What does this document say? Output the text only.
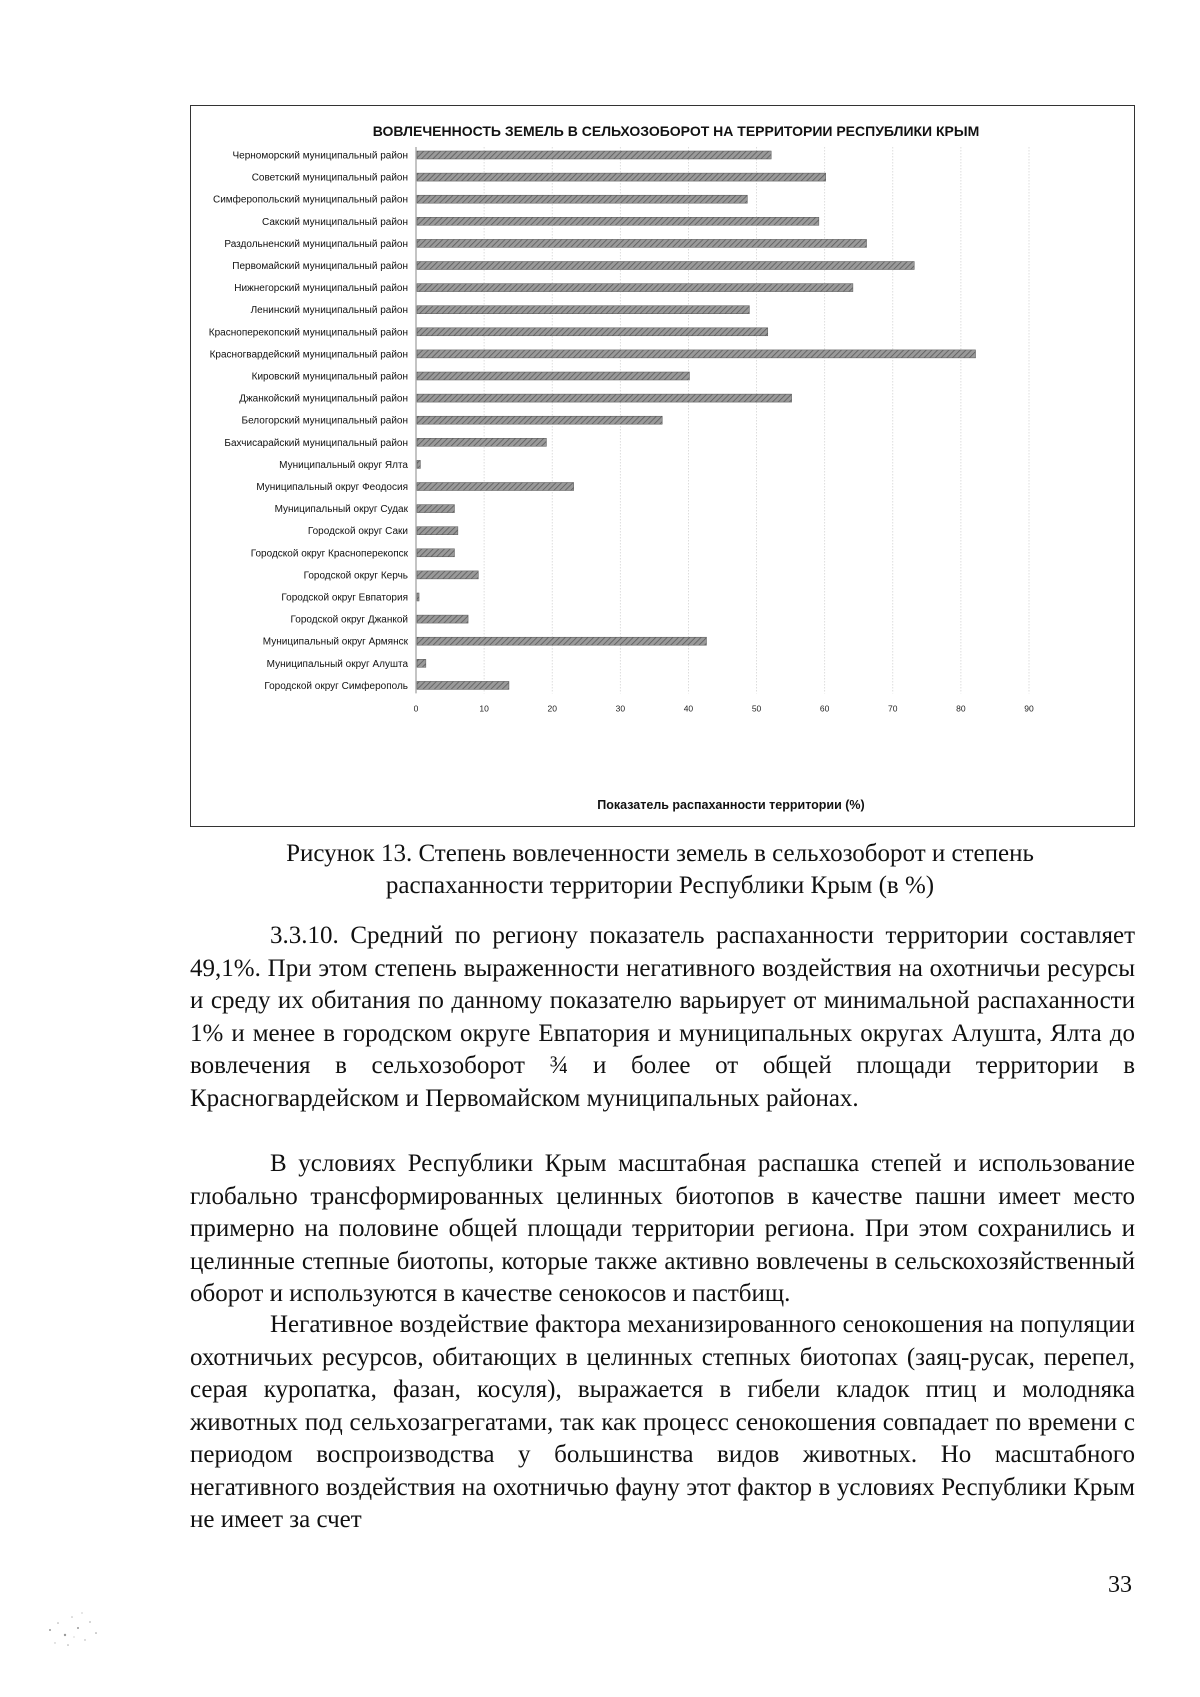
ВОВЛЕЧЕННОСТЬ ЗЕМЕЛЬ В СЕЛЬХОЗОБОРОТ НА ТЕРРИТОРИИ РЕСПУБЛИКИ КРЫМ
Черноморский муниципальный район
Советский муниципальный район
Симферопольский муниципальный район
Сакский муниципальный район
Раздольненский муниципальный район
Первомайский муниципальный район
Нижнегорский муниципальный район
Ленинский муниципальный район
Красноперекопский муниципальный район
Красногвардейский муниципальный район
Кировский муниципальный район
Джанкойский муниципальный район
Белогорский муниципальный район
Бахчисарайский муниципальный район
Муниципальный округ Ялта
Муниципальный округ Феодосия
Муниципальный округ Судак
Городской округ Саки
Городской округ Красноперекопск
Городской округ Керчь
Городской округ Евпатория
Городской округ Джанкой
Муниципальный округ Армянск
Муниципальный округ Алушта
Городской округ Симферополь
0	10	20	30	40	50	60	70	80	90
Показатель распаханности территории (%)
Рисунок 13. Степень вовлеченности земель в сельхозоборот и степень распаханности территории Республики Крым (в %)

3.3.10. Средний по региону показатель распаханности территории составляет 49,1%. При этом степень выраженности негативного воздействия на охотничьи ресурсы и среду их обитания по данному показателю варьирует от минимальной распаханности 1% и менее в городском округе Евпатория и муниципальных округах Алушта, Ялта до вовлечения в сельхозоборот ¾ и более от общей площади территории в Красногвардейском и Первомайском муниципальных районах.

В условиях Республики Крым масштабная распашка степей и использование глобально трансформированных целинных биотопов в качестве пашни имеет место примерно на половине общей площади территории региона. При этом сохранились и целинные степные биотопы, которые также активно вовлечены в сельскохозяйственный оборот и используются в качестве сенокосов и пастбищ.

Негативное воздействие фактора механизированного сенокошения на популяции охотничьих ресурсов, обитающих в целинных степных биотопах (заяц-русак, перепел, серая куропатка, фазан, косуля), выражается в гибели кладок птиц и молодняка животных под сельхозагрегатами, так как процесс сенокошения совпадает по времени с периодом воспроизводства у большинства видов животных. Но масштабного негативного воздействия на охотничью фауну этот фактор в условиях Республики Крым не имеет за счет

33
